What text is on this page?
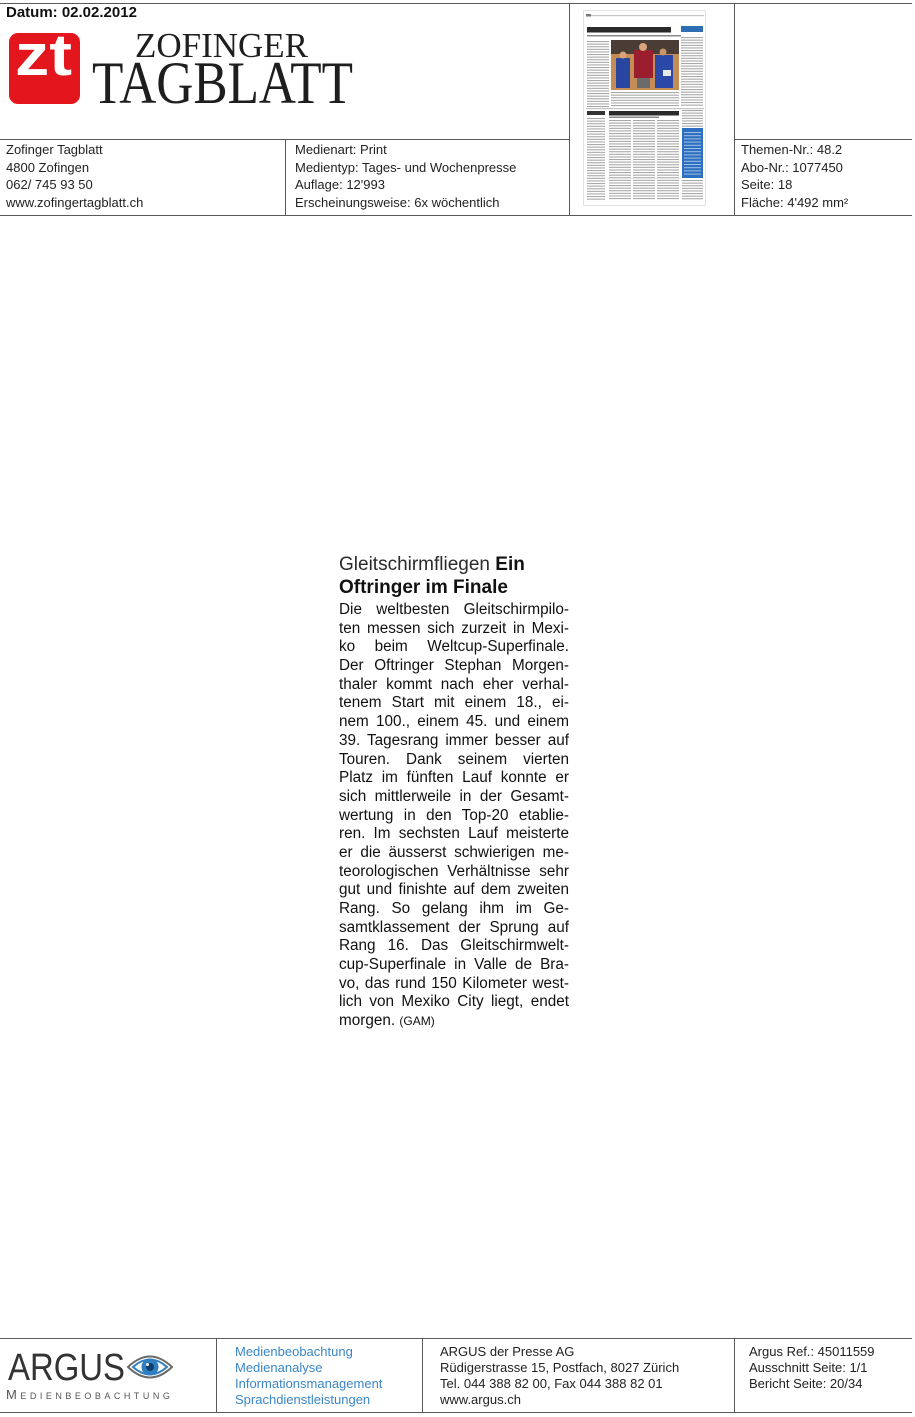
Datum: 02.02.2012
zt ZOFINGER
TAGBLATT
Zofinger Tagblatt
4800 Zofingen
062/ 745 93 50
www.zofingertagblatt.ch
Medienart: Print
Medientyp: Tages- und Wochenpresse
Auflage: 12'993
Erscheinungsweise: 6x wöchentlich
Themen-Nr.: 48.2
Abo-Nr.: 1077450
Seite: 18
Fläche: 4'492 mm²
Gleitschirmfliegen Ein
Oftringer im Finale
Die weltbesten Gleitschirmpilo-
ten messen sich zurzeit in Mexi-
ko beim Weltcup-Superfinale.
Der Oftringer Stephan Morgen-
thaler kommt nach eher verhal-
tenem Start mit einem 18., ei-
nem 100., einem 45. und einem
39. Tagesrang immer besser auf
Touren. Dank seinem vierten
Platz im fünften Lauf konnte er
sich mittlerweile in der Gesamt-
wertung in den Top-20 etablie-
ren. Im sechsten Lauf meisterte
er die äusserst schwierigen me-
teorologischen Verhältnisse sehr
gut und finishte auf dem zweiten
Rang. So gelang ihm im Ge-
samtklassement der Sprung auf
Rang 16. Das Gleitschirmwelt-
cup-Superfinale in Valle de Bra-
vo, das rund 150 Kilometer west-
lich von Mexiko City liegt, endet
morgen. (GAM)
ARGUS
Medienbeobachtung
Medienbeobachtung
Medienanalyse
Informationsmanagement
Sprachdienstleistungen
ARGUS der Presse AG
Rüdigerstrasse 15, Postfach, 8027 Zürich
Tel. 044 388 82 00, Fax 044 388 82 01
www.argus.ch
Argus Ref.: 45011559
Ausschnitt Seite: 1/1
Bericht Seite: 20/34
